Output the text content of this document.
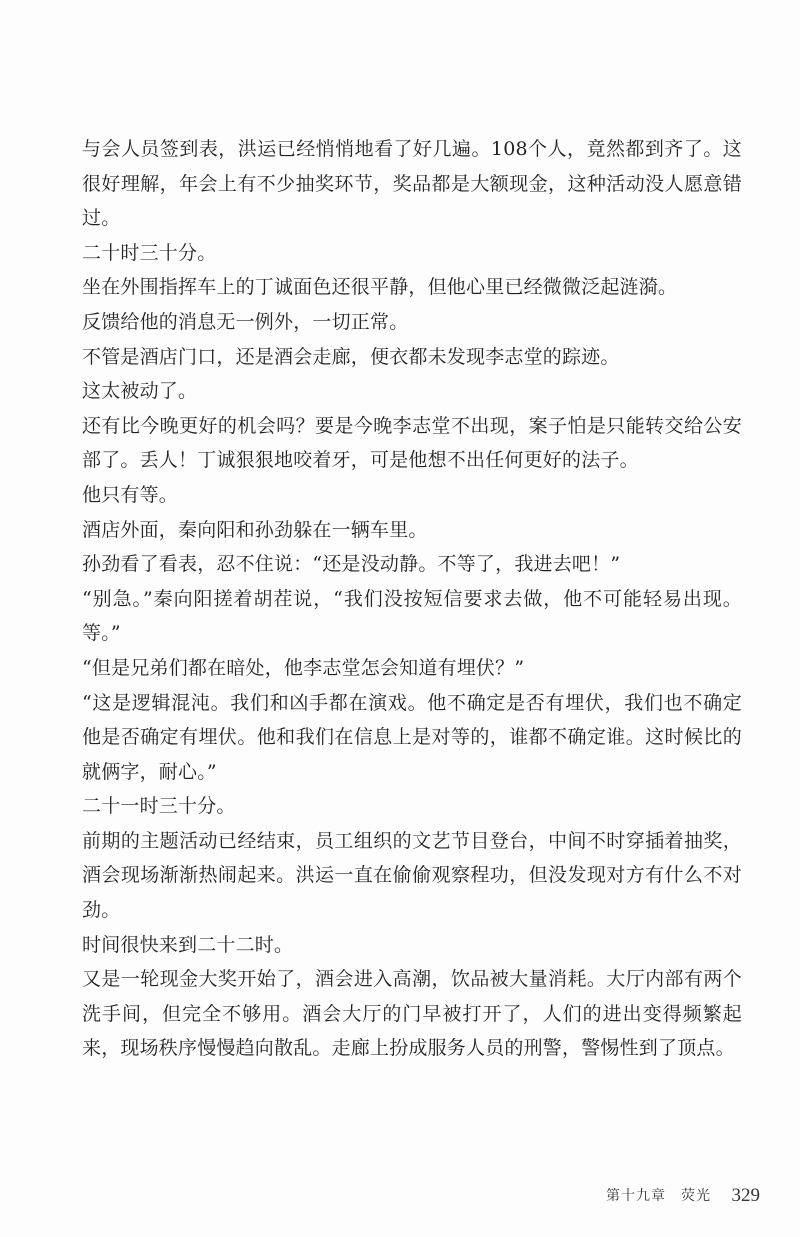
与会人员签到表，洪运已经悄悄地看了好几遍。108个人，竟然都到齐了。这很好理解，年会上有不少抽奖环节，奖品都是大额现金，这种活动没人愿意错过。

二十时三十分。

坐在外围指挥车上的丁诚面色还很平静，但他心里已经微微泛起涟漪。

反馈给他的消息无一例外，一切正常。

不管是酒店门口，还是酒会走廊，便衣都未发现李志堂的踪迹。

这太被动了。

还有比今晚更好的机会吗？要是今晚李志堂不出现，案子怕是只能转交给公安部了。丢人！丁诚狠狠地咬着牙，可是他想不出任何更好的法子。

他只有等。

酒店外面，秦向阳和孙劲躲在一辆车里。

孙劲看了看表，忍不住说：“还是没动静。不等了，我进去吧！”

“别急。”秦向阳搓着胡茬说，“我们没按短信要求去做，他不可能轻易出现。等。”

“但是兄弟们都在暗处，他李志堂怎会知道有埋伏？”

“这是逻辑混沌。我们和凶手都在演戏。他不确定是否有埋伏，我们也不确定他是否确定有埋伏。他和我们在信息上是对等的，谁都不确定谁。这时候比的就俩字，耐心。”

二十一时三十分。

前期的主题活动已经结束，员工组织的文艺节目登台，中间不时穿插着抽奖，酒会现场渐渐热闹起来。洪运一直在偷偷观察程功，但没发现对方有什么不对劲。

时间很快来到二十二时。

又是一轮现金大奖开始了，酒会进入高潮，饮品被大量消耗。大厅内部有两个洗手间，但完全不够用。酒会大厅的门早被打开了，人们的进出变得频繁起来，现场秩序慢慢趋向散乱。走廊上扮成服务人员的刑警，警惕性到了顶点。

第十九章　荧光 329
